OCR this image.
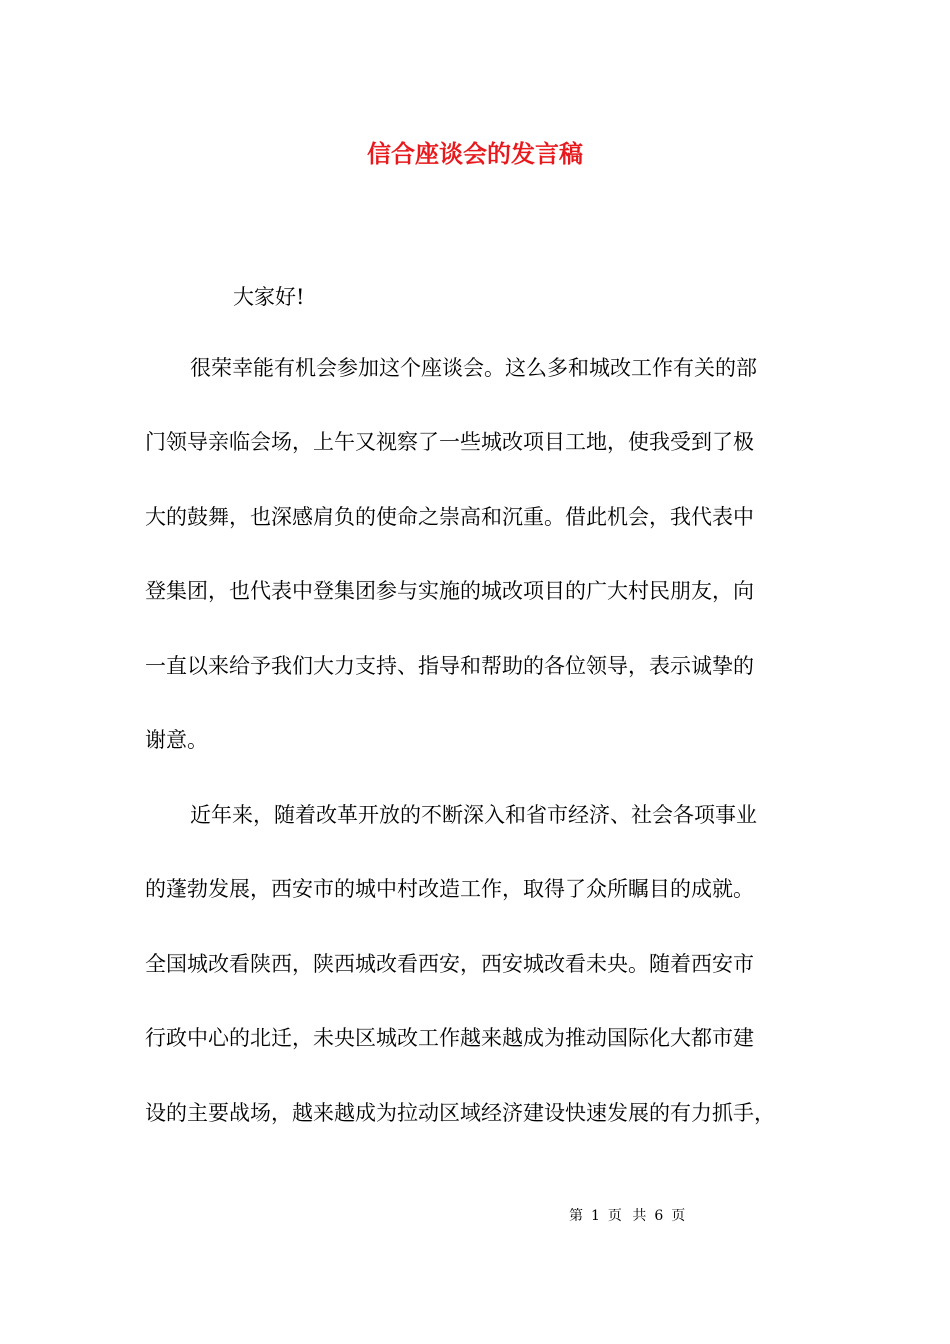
信合座谈会的发言稿
大家好!
很荣幸能有机会参加这个座谈会。这么多和城改工作有关的部
门领导亲临会场，上午又视察了一些城改项目工地，使我受到了极
大的鼓舞，也深感肩负的使命之崇高和沉重。借此机会，我代表中
登集团，也代表中登集团参与实施的城改项目的广大村民朋友，向
一直以来给予我们大力支持、指导和帮助的各位领导，表示诚挚的
谢意。
近年来，随着改革开放的不断深入和省市经济、社会各项事业
的蓬勃发展，西安市的城中村改造工作，取得了众所瞩目的成就。
全国城改看陕西，陕西城改看西安，西安城改看未央。随着西安市
行政中心的北迁，未央区城改工作越来越成为推动国际化大都市建
设的主要战场，越来越成为拉动区域经济建设快速发展的有力抓手，
第 1 页 共 6 页
